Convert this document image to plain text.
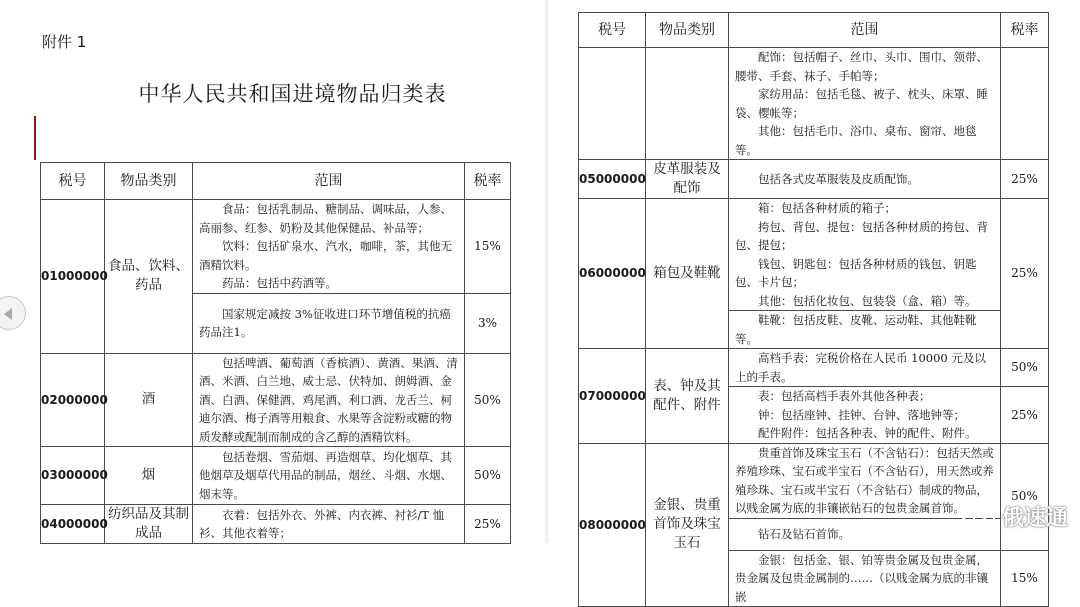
附件 1
中华人民共和国进境物品归类表
税号	物品类别	范围	税率
01000000	食品、饮料、药品	食品：包括乳制品、糖制品、调味品，人参、高丽参、红参、奶粉及其他保健品、补品等；

饮料：包括矿泉水、汽水，咖啡，茶，其他无酒精饮料。

药品：包括中药酒等。	15%

		国家规定减按 3%征收进口环节增值税的抗癌药品注1。	3%
02000000	酒	包括啤酒、葡萄酒（香槟酒）、黄酒、果酒、清酒、米酒、白兰地、威士忌、伏特加、朗姆酒、金酒、白酒、保健酒、鸡尾酒、利口酒、龙舌兰、柯迪尔酒、梅子酒等用粮食、水果等含淀粉或糖的物质发酵或配制而制成的含乙醇的酒精饮料。	50%
03000000	烟	包括卷烟、雪茄烟、再造烟草、均化烟草、其他烟草及烟草代用品的制品，烟丝、斗烟、水烟、烟末等。	50%
04000000	纺织品及其制成品	衣着：包括外衣、外裤、内衣裤、衬衫/T 恤衫、其他衣着等；	25%
税号	物品类别	范围	税率

		配饰：包括帽子、丝巾、头巾、围巾、领带、腰带、手套、袜子、手帕等；

家纺用品：包括毛毯、被子、枕头、床罩、睡袋、樱帐等；

其他：包括毛巾、浴巾、桌布、窗帘、地毯等。	

05000000	皮革服装及配饰	包括各式皮革服装及皮质配饰。	25%
06000000	箱包及鞋靴	箱：包括各种材质的箱子；

挎包、背包、提包：包括各种材质的挎包、背包、提包；

钱包、钥匙包：包括各种材质的钱包、钥匙包、卡片包；

其他：包括化妆包、包装袋（盒、箱）等。	25%

		鞋靴：包括皮鞋、皮靴、运动鞋、其他鞋靴等。	

07000000	表、钟及其配件、附件	高档手表：完税价格在人民币 10000 元及以上的手表。	50%

		表：包括高档手表外其他各种表；

钟：包括座钟、挂钟、台钟、落地钟等；

配件附件：包括各种表、钟的配件、附件。	25%
08000000	金银、贵重首饰及珠宝玉石	贵重首饰及珠宝玉石（不含钻石）：包括天然或养殖珍珠、宝石或半宝石（不含钻石），用天然或养殖珍珠、宝石或半宝石（不含钻石）制成的物品，以贱金属为底的非镶嵌钻石的包贵金属首饰。	50%

		钻石及钻石首饰。	

		金银：包括金、银、铂等贵金属及包贵金属，贵金属及包贵金属制的……（以贱金属为底的非镶嵌	15%
俄速通
